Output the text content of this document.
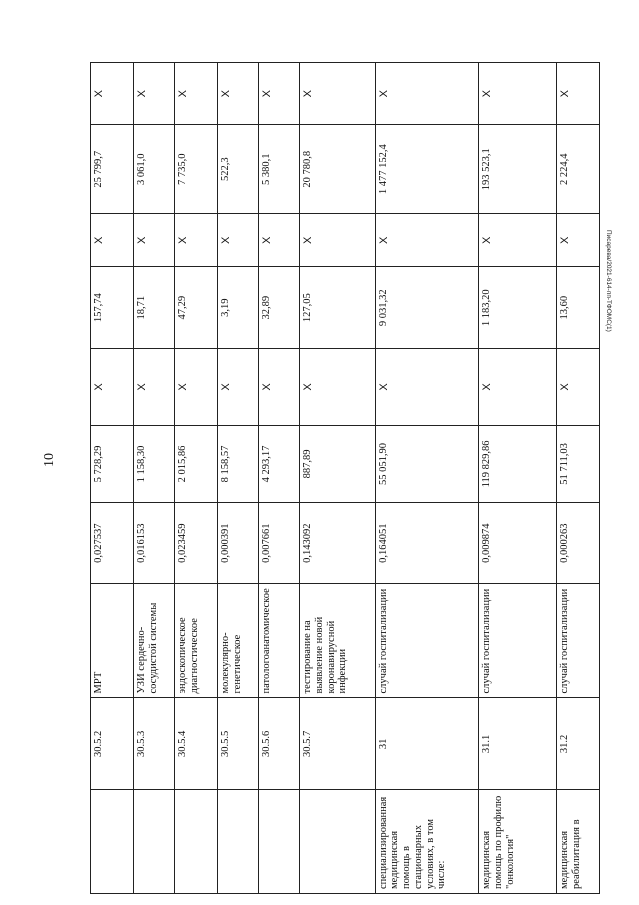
10
Писарева/2021-614-пп-ТФОМС(1)
	30.5.2	МРТ	0,027537	5 728,29	X	157,74	X	25 799,7	X
	30.5.3	УЗИ сердечно-сосудистой системы	0,016153	1 158,30	X	18,71	X	3 061,0	X
	30.5.4	эндоскопическое диагностическое	0,023459	2 015,86	X	47,29	X	7 735,0	X
	30.5.5	молекулярно-генетическое	0,000391	8 158,57	X	3,19	X	522,3	X
	30.5.6	патологоанатомическое	0,007661	4 293,17	X	32,89	X	5 380,1	X
	30.5.7	тестирование на выявление новой коронавирусной инфекции	0,143092	887,89	X	127,05	X	20 780,8	X
специализированная медицинская помощь в стационарных условиях, в том числе:	31	случай госпитализации	0,164051	55 051,90	X	9 031,32	X	1 477 152,4	X
медицинская помощь по профилю "онкология"	31.1	случай госпитализации	0,009874	119 829,86	X	1 183,20	X	193 523,1	X
медицинская реабилитация в	31.2	случай госпитализации	0,000263	51 711,03	X	13,60	X	2 224,4	X
